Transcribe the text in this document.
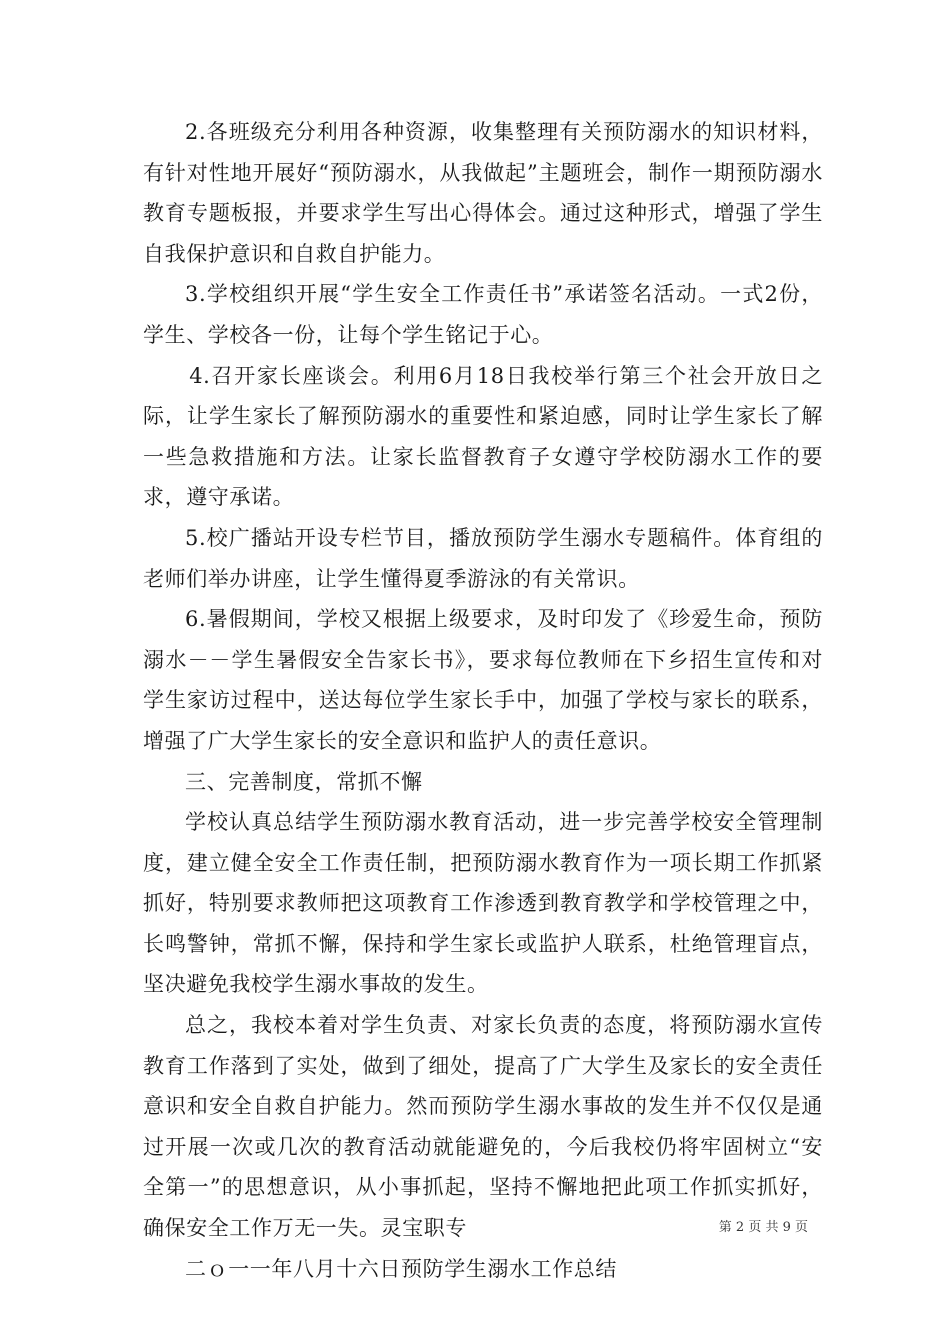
2.各班级充分利用各种资源，收集整理有关预防溺水的知识材料，有针对性地开展好“预防溺水，从我做起”主题班会，制作一期预防溺水教育专题板报，并要求学生写出心得体会。通过这种形式，增强了学生自我保护意识和自救自护能力。

3.学校组织开展“学生安全工作责任书”承诺签名活动。一式2份，学生、学校各一份，让每个学生铭记于心。

4.召开家长座谈会。利用6月18日我校举行第三个社会开放日之际，让学生家长了解预防溺水的重要性和紧迫感，同时让学生家长了解一些急救措施和方法。让家长监督教育子女遵守学校防溺水工作的要求，遵守承诺。

5.校广播站开设专栏节目，播放预防学生溺水专题稿件。体育组的老师们举办讲座，让学生懂得夏季游泳的有关常识。

6.暑假期间，学校又根据上级要求，及时印发了《珍爱生命，预防溺水－－学生暑假安全告家长书》，要求每位教师在下乡招生宣传和对学生家访过程中，送达每位学生家长手中，加强了学校与家长的联系，增强了广大学生家长的安全意识和监护人的责任意识。

三、完善制度，常抓不懈

学校认真总结学生预防溺水教育活动，进一步完善学校安全管理制度，建立健全安全工作责任制，把预防溺水教育作为一项长期工作抓紧抓好，特别要求教师把这项教育工作渗透到教育教学和学校管理之中，长鸣警钟，常抓不懈，保持和学生家长或监护人联系，杜绝管理盲点，坚决避免我校学生溺水事故的发生。

总之，我校本着对学生负责、对家长负责的态度，将预防溺水宣传教育工作落到了实处，做到了细处，提高了广大学生及家长的安全责任意识和安全自救自护能力。然而预防学生溺水事故的发生并不仅仅是通过开展一次或几次的教育活动就能避免的，今后我校仍将牢固树立“安全第一”的思想意识，从小事抓起，坚持不懈地把此项工作抓实抓好，确保安全工作万无一失。灵宝职专

二ｏ一一年八月十六日预防学生溺水工作总结

第 2 页 共 9 页
